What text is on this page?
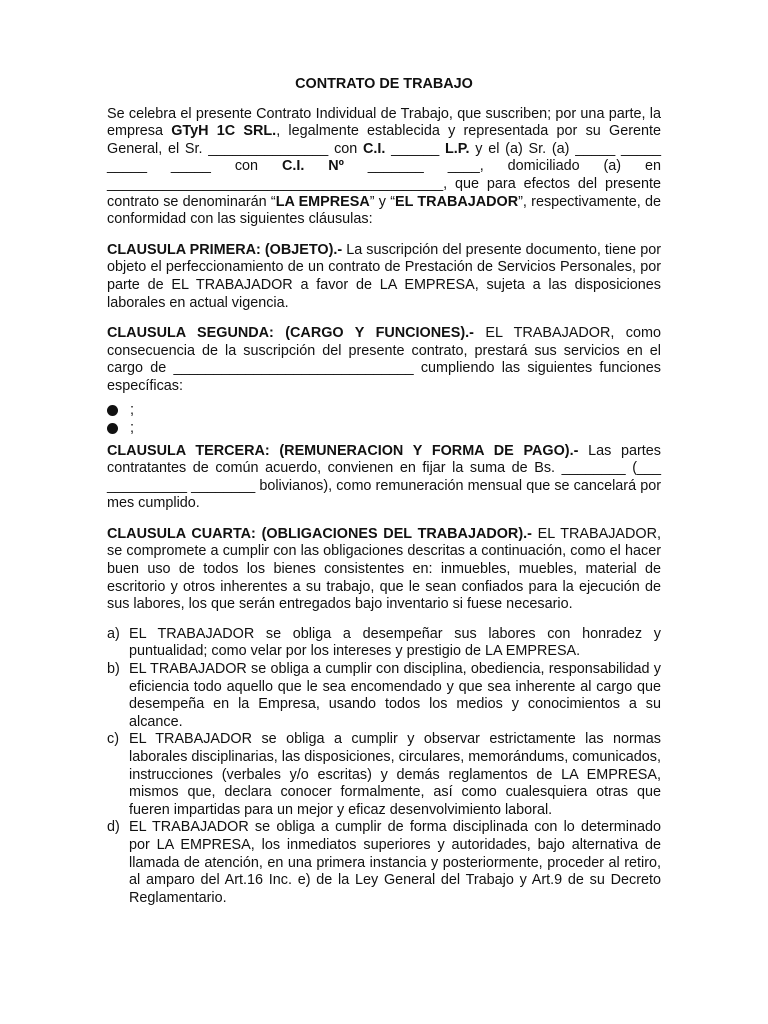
CONTRATO DE TRABAJO

Se celebra el presente Contrato Individual de Trabajo, que suscriben; por una parte, la empresa GTyH 1C SRL., legalmente establecida y representada por su Gerente General, el Sr. _______________ con C.I. ______ L.P. y el (a) Sr. (a) _____ _____ _____ _____ con C.I. Nº _______ ____, domiciliado (a) en __________________________________________, que para efectos del presente contrato se denominarán “LA EMPRESA” y “EL TRABAJADOR”, respectivamente, de conformidad con las siguientes cláusulas:

CLAUSULA PRIMERA: (OBJETO).- La suscripción del presente documento, tiene por objeto el perfeccionamiento de un contrato de Prestación de Servicios Personales, por parte de EL TRABAJADOR a favor de LA EMPRESA, sujeta a las disposiciones laborales en actual vigencia.

CLAUSULA SEGUNDA: (CARGO Y FUNCIONES).- EL TRABAJADOR, como consecuencia de la suscripción del presente contrato, prestará sus servicios en el cargo de ______________________________ cumpliendo las siguientes funciones específicas:

;
;

CLAUSULA TERCERA: (REMUNERACION Y FORMA DE PAGO).- Las partes contratantes de común acuerdo, convienen en fijar la suma de Bs. ________ (___ __________ ________ bolivianos), como remuneración mensual que se cancelará por mes cumplido.

CLAUSULA CUARTA: (OBLIGACIONES DEL TRABAJADOR).- EL TRABAJADOR, se compromete a cumplir con las obligaciones descritas a continuación, como el hacer buen uso de todos los bienes consistentes en: inmuebles, muebles, material de escritorio y otros inherentes a su trabajo, que le sean confiados para la ejecución de sus labores, los que serán entregados bajo inventario si fuese necesario.

a) EL TRABAJADOR se obliga a desempeñar sus labores con honradez y puntualidad; como velar por los intereses y prestigio de LA EMPRESA.
b) EL TRABAJADOR se obliga a cumplir con disciplina, obediencia, responsabilidad y eficiencia todo aquello que le sea encomendado y que sea inherente al cargo que desempeña en la Empresa, usando todos los medios y conocimientos a su alcance.
c) EL TRABAJADOR se obliga a cumplir y observar estrictamente las normas laborales disciplinarias, las disposiciones, circulares, memorándums, comunicados, instrucciones (verbales y/o escritas) y demás reglamentos de LA EMPRESA, mismos que, declara conocer formalmente, así como cualesquiera otras que fueren impartidas para un mejor y eficaz desenvolvimiento laboral.
d) EL TRABAJADOR se obliga a cumplir de forma disciplinada con lo determinado por LA EMPRESA, los inmediatos superiores y autoridades, bajo alternativa de llamada de atención, en una primera instancia y posteriormente, proceder al retiro, al amparo del Art.16 Inc. e) de la Ley General del Trabajo y Art.9 de su Decreto Reglamentario.
